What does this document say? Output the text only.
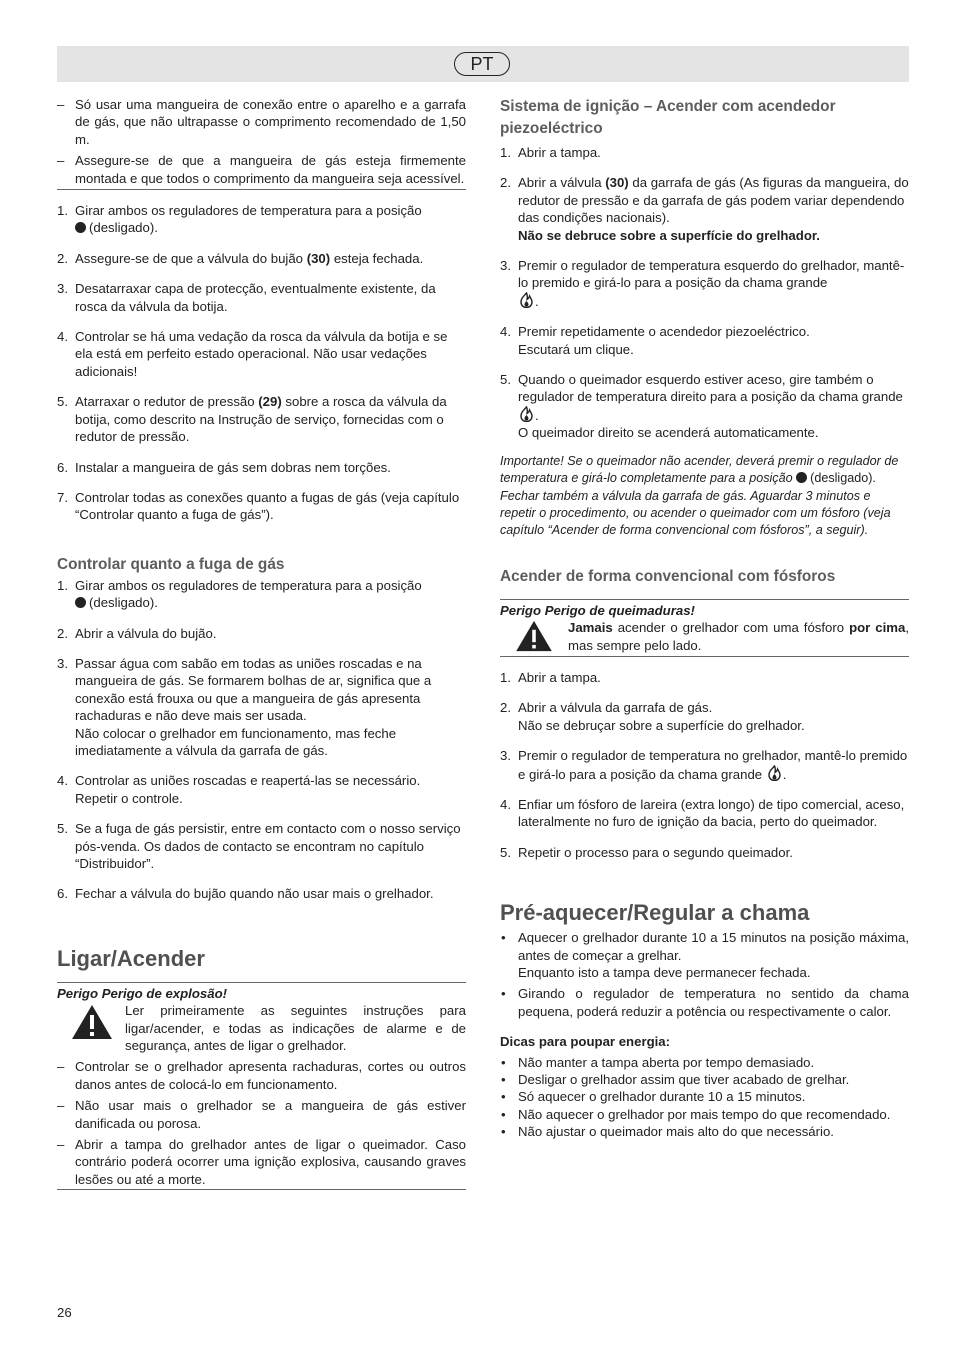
PT
– Só usar uma mangueira de conexão entre o aparelho e a garrafa de gás, que não ultrapasse o comprimento recomendado de 1,50 m.
– Assegure-se de que a mangueira de gás esteja firmemente montada e que todos o comprimento da mangueira seja acessível.
1. Girar ambos os reguladores de temperatura para a posição
(desligado).
2. Assegure-se de que a válvula do bujão (30) esteja fechada.
3. Desatarraxar capa de protecção, eventualmente existente, da rosca da válvula da botija.
4. Controlar se há uma vedação da rosca da válvula da botija e se ela está em perfeito estado operacional. Não usar vedações adicionais!
5. Atarraxar o redutor de pressão (29) sobre a rosca da válvula da botija, como descrito na Instrução de serviço, fornecidas com o redutor de pressão.
6. Instalar a mangueira de gás sem dobras nem torções.
7. Controlar todas as conexões quanto a fugas de gás (veja capítulo “Controlar quanto a fuga de gás”).
Controlar quanto a fuga de gás
1. Girar ambos os reguladores de temperatura para a posição
(desligado).
2. Abrir a válvula do bujão.
3. Passar água com sabão em todas as uniões roscadas e na mangueira de gás. Se formarem bolhas de ar, significa que a conexão está frouxa ou que a mangueira de gás apresenta rachaduras e não deve mais ser usada.
Não colocar o grelhador em funcionamento, mas feche imediatamente a válvula da garrafa de gás.
4. Controlar as uniões roscadas e reapertá-las se necessário. Repetir o controle.
5. Se a fuga de gás persistir, entre em contacto com o nosso serviço pós-venda. Os dados de contacto se encontram no capítulo “Distribuidor”.
6. Fechar a válvula do bujão quando não usar mais o grelhador.
Ligar/Acender
Perigo Perigo de explosão!
Ler primeiramente as seguintes instruções para ligar/acender, e todas as indicações de alarme e de segurança, antes de ligar o grelhador.
– Controlar se o grelhador apresenta rachaduras, cortes ou outros danos antes de colocá-lo em funcionamento.
– Não usar mais o grelhador se a mangueira de gás estiver danificada ou porosa.
– Abrir a tampa do grelhador antes de ligar o queimador. Caso contrário poderá ocorrer uma ignição explosiva, causando graves lesões ou até a morte.
Sistema de ignição – Acender com acendedor piezoeléctrico
1. Abrir a tampa.
2. Abrir a válvula (30) da garrafa de gás (As figuras da mangueira, do redutor de pressão e da garrafa de gás podem variar dependendo das condições nacionais).
Não se debruce sobre a superfície do grelhador.
3. Premir o regulador de temperatura esquerdo do grelhador, mantê-lo premido e girá-lo para a posição da chama grande
.
4. Premir repetidamente o acendedor piezoeléctrico.
Escutará um clique.
5. Quando o queimador esquerdo estiver aceso, gire também o regulador de temperatura direito para a posição da chama grande .
O queimador direito se acenderá automaticamente.
Importante! Se o queimador não acender, deverá premir o regulador de temperatura e girá-lo completamente para a posição (desligado). Fechar também a válvula da garrafa de gás. Aguardar 3 minutos e repetir o procedimento, ou acender o queimador com um fósforo (veja capítulo “Acender de forma convencional com fósforos”, a seguir).
Acender de forma convencional com fósforos
Perigo Perigo de queimaduras!
Jamais acender o grelhador com uma fósforo por cima, mas sempre pelo lado.
1. Abrir a tampa.
2. Abrir a válvula da garrafa de gás.
Não se debruçar sobre a superfície do grelhador.
3. Premir o regulador de temperatura no grelhador, mantê-lo premido e girá-lo para a posição da chama grande .
4. Enfiar um fósforo de lareira (extra longo) de tipo comercial, aceso, lateralmente no furo de ignição da bacia, perto do queimador.
5. Repetir o processo para o segundo queimador.
Pré-aquecer/Regular a chama
• Aquecer o grelhador durante 10 a 15 minutos na posição máxima, antes de começar a grelhar.
Enquanto isto a tampa deve permanecer fechada.
• Girando o regulador de temperatura no sentido da chama pequena, poderá reduzir a potência ou respectivamente o calor.
Dicas para poupar energia:
• Não manter a tampa aberta por tempo demasiado.
• Desligar o grelhador assim que tiver acabado de grelhar.
• Só aquecer o grelhador durante 10 a 15 minutos.
• Não aquecer o grelhador por mais tempo do que recomendado.
• Não ajustar o queimador mais alto do que necessário.
26
